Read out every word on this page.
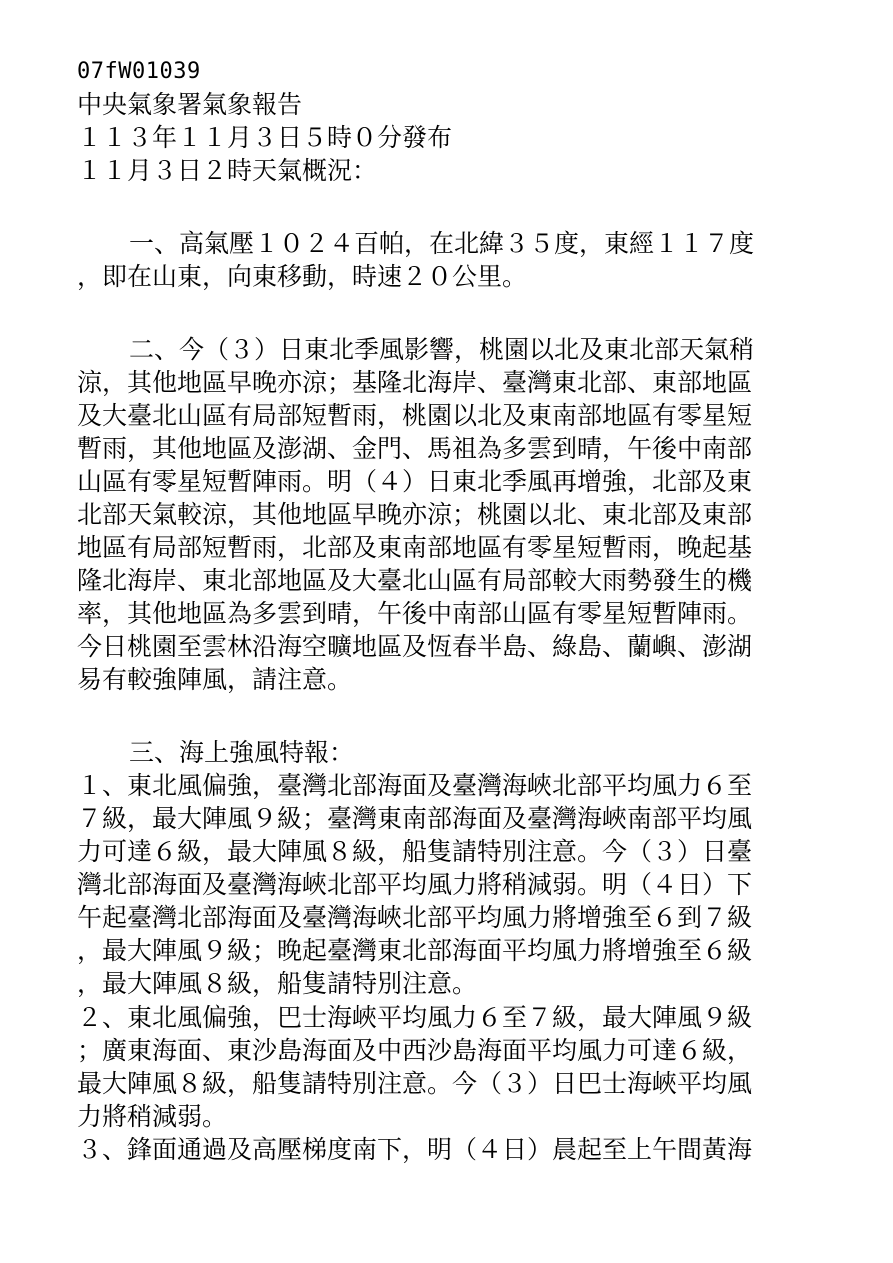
07fW01039
中央氣象署氣象報告
１１３年１１月３日５時０分發布
１１月３日２時天氣概況：
一、高氣壓１０２４百帕，在北緯３５度，東經１１７度
，即在山東，向東移動，時速２０公里。
二、今（３）日東北季風影響，桃園以北及東北部天氣稍
涼，其他地區早晚亦涼；基隆北海岸、臺灣東北部、東部地區
及大臺北山區有局部短暫雨，桃園以北及東南部地區有零星短
暫雨，其他地區及澎湖、金門、馬祖為多雲到晴，午後中南部
山區有零星短暫陣雨。明（４）日東北季風再增強，北部及東
北部天氣較涼，其他地區早晚亦涼；桃園以北、東北部及東部
地區有局部短暫雨，北部及東南部地區有零星短暫雨，晚起基
隆北海岸、東北部地區及大臺北山區有局部較大雨勢發生的機
率，其他地區為多雲到晴，午後中南部山區有零星短暫陣雨。
今日桃園至雲林沿海空曠地區及恆春半島、綠島、蘭嶼、澎湖
易有較強陣風，請注意。
三、海上強風特報：
１、東北風偏強，臺灣北部海面及臺灣海峽北部平均風力６至
７級，最大陣風９級；臺灣東南部海面及臺灣海峽南部平均風
力可達６級，最大陣風８級，船隻請特別注意。今（３）日臺
灣北部海面及臺灣海峽北部平均風力將稍減弱。明（４日）下
午起臺灣北部海面及臺灣海峽北部平均風力將增強至６到７級
，最大陣風９級；晚起臺灣東北部海面平均風力將增強至６級
，最大陣風８級，船隻請特別注意。
２、東北風偏強，巴士海峽平均風力６至７級，最大陣風９級
；廣東海面、東沙島海面及中西沙島海面平均風力可達６級，
最大陣風８級，船隻請特別注意。今（３）日巴士海峽平均風
力將稍減弱。
３、鋒面通過及高壓梯度南下，明（４日）晨起至上午間黃海
